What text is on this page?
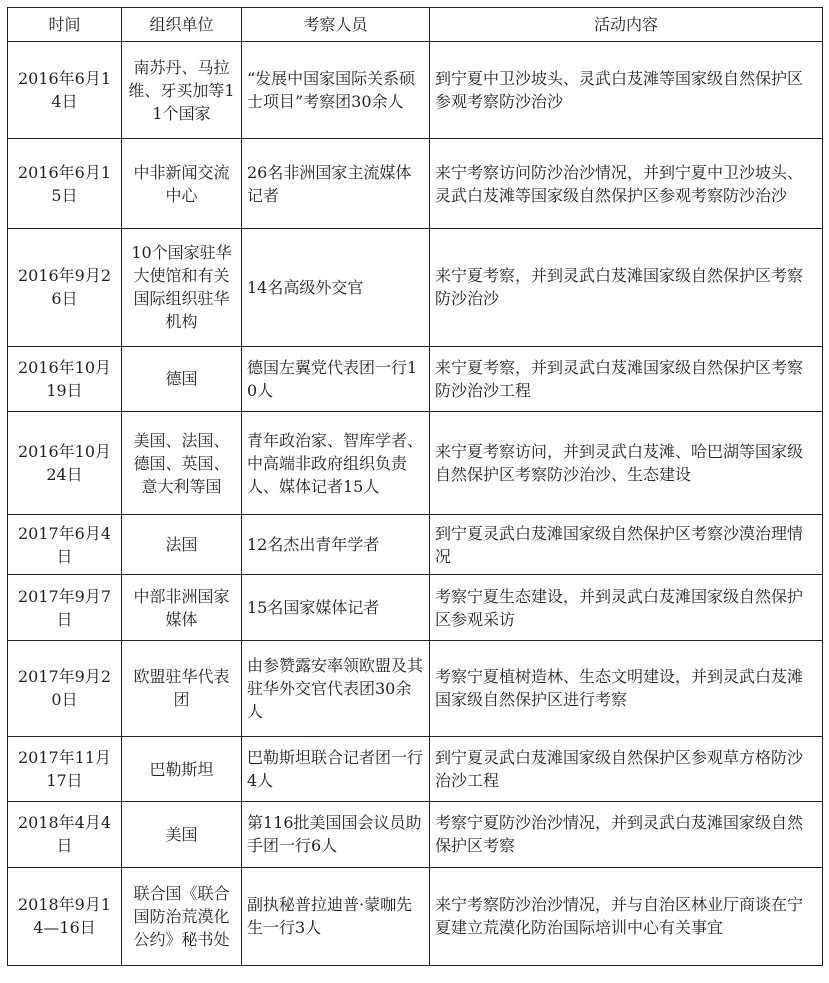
时间	组织单位	考察人员	活动内容
2016年6月14日	南苏丹、马拉维、牙买加等11个国家	“发展中国家国际关系硕士项目”考察团30余人	到宁夏中卫沙坡头、灵武白芨滩等国家级自然保护区参观考察防沙治沙
2016年6月15日	中非新闻交流中心	26名非洲国家主流媒体记者	来宁考察访问防沙治沙情况，并到宁夏中卫沙坡头、灵武白芨滩等国家级自然保护区参观考察防沙治沙
2016年9月26日	10个国家驻华大使馆和有关国际组织驻华机构	14名高级外交官	来宁夏考察，并到灵武白芨滩国家级自然保护区考察防沙治沙
2016年10月19日	德国	德国左翼党代表团一行10人	来宁夏考察，并到灵武白芨滩国家级自然保护区考察防沙治沙工程
2016年10月24日	美国、法国、德国、英国、意大利等国	青年政治家、智库学者、中高端非政府组织负责人、媒体记者15人	来宁夏考察访问，并到灵武白芨滩、哈巴湖等国家级自然保护区考察防沙治沙、生态建设
2017年6月4日	法国	12名杰出青年学者	到宁夏灵武白芨滩国家级自然保护区考察沙漠治理情况
2017年9月7日	中部非洲国家媒体	15名国家媒体记者	考察宁夏生态建设，并到灵武白芨滩国家级自然保护区参观采访
2017年9月20日	欧盟驻华代表团	由参赞露安率领欧盟及其驻华外交官代表团30余人	考察宁夏植树造林、生态文明建设，并到灵武白芨滩国家级自然保护区进行考察
2017年11月17日	巴勒斯坦	巴勒斯坦联合记者团一行4人	到宁夏灵武白芨滩国家级自然保护区参观草方格防沙治沙工程
2018年4月4日	美国	第116批美国国会议员助手团一行6人	考察宁夏防沙治沙情况，并到灵武白芨滩国家级自然保护区考察
2018年9月14—16日	联合国《联合国防治荒漠化公约》秘书处	副执秘普拉迪普·蒙咖先生一行3人	来宁考察防沙治沙情况，并与自治区林业厅商谈在宁夏建立荒漠化防治国际培训中心有关事宜
